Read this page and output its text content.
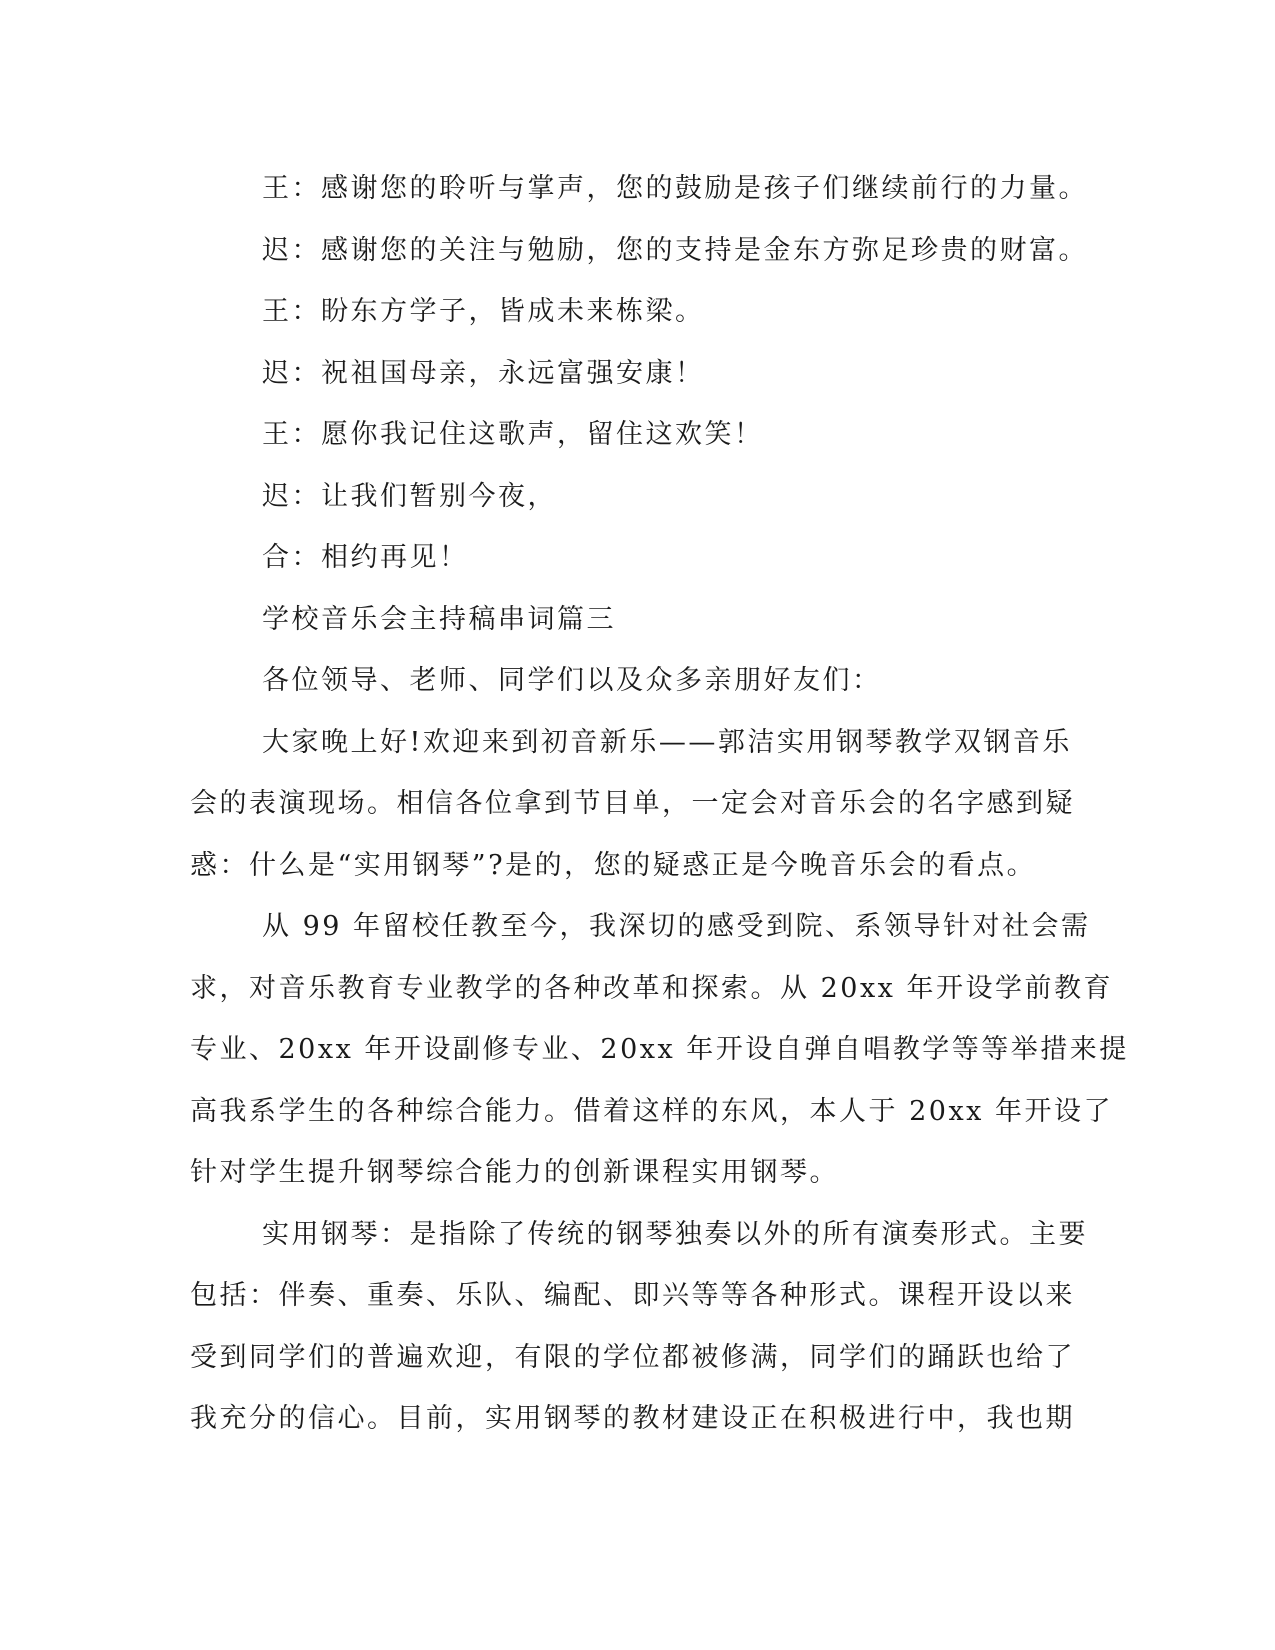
王：感谢您的聆听与掌声，您的鼓励是孩子们继续前行的力量。

迟：感谢您的关注与勉励，您的支持是金东方弥足珍贵的财富。

王：盼东方学子，皆成未来栋梁。

迟：祝祖国母亲，永远富强安康！

王：愿你我记住这歌声，留住这欢笑！

迟：让我们暂别今夜，

合：相约再见！

学校音乐会主持稿串词篇三

各位领导、老师、同学们以及众多亲朋好友们：

大家晚上好!欢迎来到初音新乐——郭洁实用钢琴教学双钢音乐

会的表演现场。相信各位拿到节目单，一定会对音乐会的名字感到疑

惑：什么是“实用钢琴”?是的，您的疑惑正是今晚音乐会的看点。

从 99 年留校任教至今，我深切的感受到院、系领导针对社会需

求，对音乐教育专业教学的各种改革和探索。从 20xx 年开设学前教育

专业、20xx 年开设副修专业、20xx 年开设自弹自唱教学等等举措来提

高我系学生的各种综合能力。借着这样的东风，本人于 20xx 年开设了

针对学生提升钢琴综合能力的创新课程实用钢琴。

实用钢琴：是指除了传统的钢琴独奏以外的所有演奏形式。主要

包括：伴奏、重奏、乐队、编配、即兴等等各种形式。课程开设以来

受到同学们的普遍欢迎，有限的学位都被修满，同学们的踊跃也给了

我充分的信心。目前，实用钢琴的教材建设正在积极进行中，我也期
